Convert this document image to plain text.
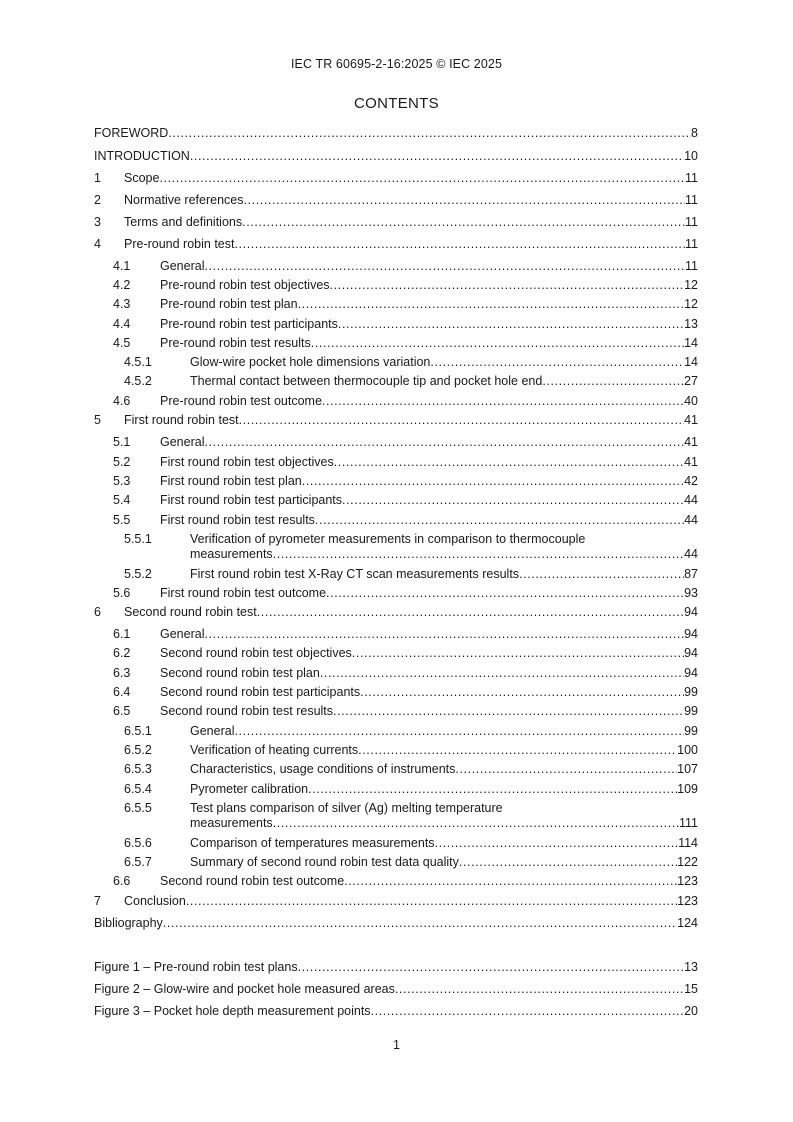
IEC TR 60695-2-16:2025 © IEC 2025
CONTENTS
FOREWORD .....	8
INTRODUCTION .....	10
1 Scope .....	11
2 Normative references .....	11
3 Terms and definitions .....	11
4 Pre-round robin test .....	11
4.1 General .....	11
4.2 Pre-round robin test objectives .....	12
4.3 Pre-round robin test plan .....	12
4.4 Pre-round robin test participants .....	13
4.5 Pre-round robin test results .....	14
4.5.1	Glow-wire pocket hole dimensions variation .....	14
4.5.2	Thermal contact between thermocouple tip and pocket hole end .....	27
4.6 Pre-round robin test outcome .....	40
5 First round robin test .....	41
5.1 General .....	41
5.2 First round robin test objectives .....	41
5.3 First round robin test plan .....	42
5.4 First round robin test participants .....	44
5.5 First round robin test results .....	44
5.5.1	Verification of pyrometer measurements in comparison to thermocouple
measurements .....	44
5.5.2	First round robin test X-Ray CT scan measurements results .....	87
5.6 First round robin test outcome .....	93
6 Second round robin test .....	94
6.1 General .....	94
6.2 Second round robin test objectives .....	94
6.3 Second round robin test plan .....	94
6.4 Second round robin test participants .....	99
6.5 Second round robin test results .....	99
6.5.1	General .....	99
6.5.2	Verification of heating currents .....	100
6.5.3	Characteristics, usage conditions of instruments .....	107
6.5.4	Pyrometer calibration .....	109
6.5.5	Test plans comparison of silver (Ag) melting temperature
measurements .....	111
6.5.6	Comparison of temperatures measurements .....	114
6.5.7	Summary of second round robin test data quality .....	122
6.6 Second round robin test outcome .....	123
7 Conclusion .....	123
Bibliography .....	124
Figure 1 – Pre-round robin test plans .....	13
Figure 2 – Glow-wire and pocket hole measured areas .....	15
Figure 3 – Pocket hole depth measurement points .....	20
1
